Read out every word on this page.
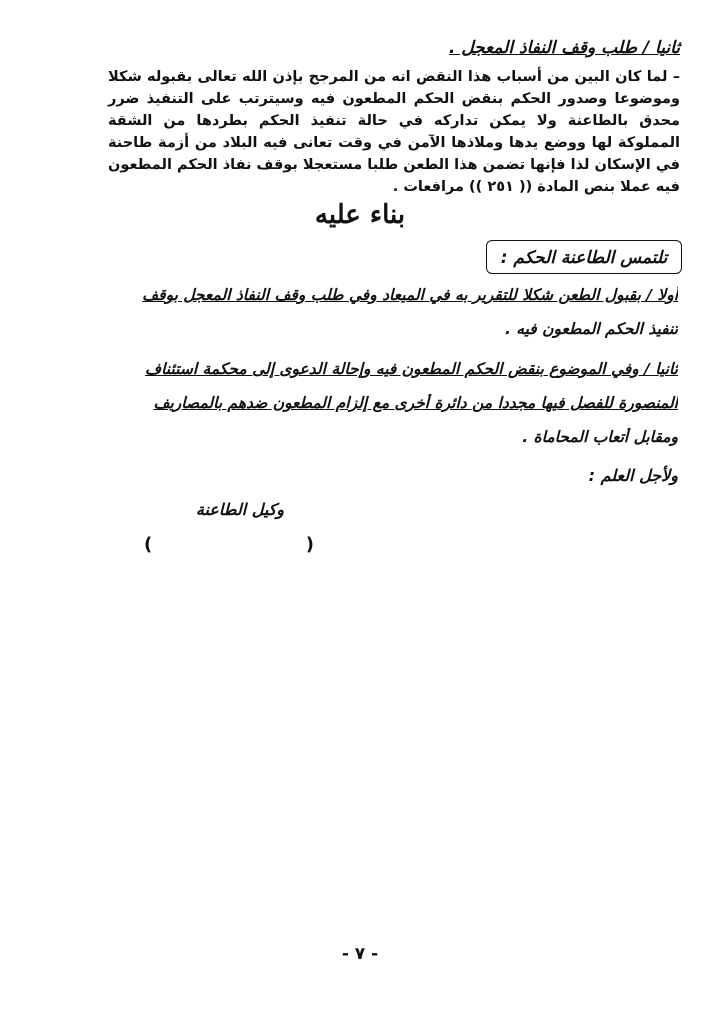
ثانيا / طلب وقف النفاذ المعجل .
– لما كان البين من أسباب هذا النقض انه من المرجح بإذن الله تعالى بقبوله شكلا وموضوعا وصدور الحكم بنقض الحكم المطعون فيه وسيترتب على التنفيذ ضرر محدق بالطاعنة ولا يمكن تداركه في حالة تنفيذ الحكم بطردها من الشقة المملوكة لها ووضع يدها وملاذها الآمن في وقت تعانى فيه البلاد من أزمة طاحنة في الإسكان لذا فإنها تضمن هذا الطعن طلبا مستعجلا بوقف نفاذ الحكم المطعون فيه عملا بنص المادة (( ٢٥١ )) مرافعات .
بناء عليه
تلتمس الطاعنة الحكم :
أولا / بقبول الطعن شكلا للتقرير به في الميعاد وفي طلب وقف النفاذ المعجل بوقف
تنفيذ الحكم المطعون فيه .
ثانيا / وفي الموضوع بنقض الحكم المطعون فيه وإحالة الدعوى إلى محكمة استئناف
المنصورة للفصل فيها مجددا من دائرة أخرى مع إلزام المطعون ضدهم بالمصاريف
ومقابل أتعاب المحاماة .
ولأجل العلم :
وكيل الطاعنة
(
)
- ٧ -
